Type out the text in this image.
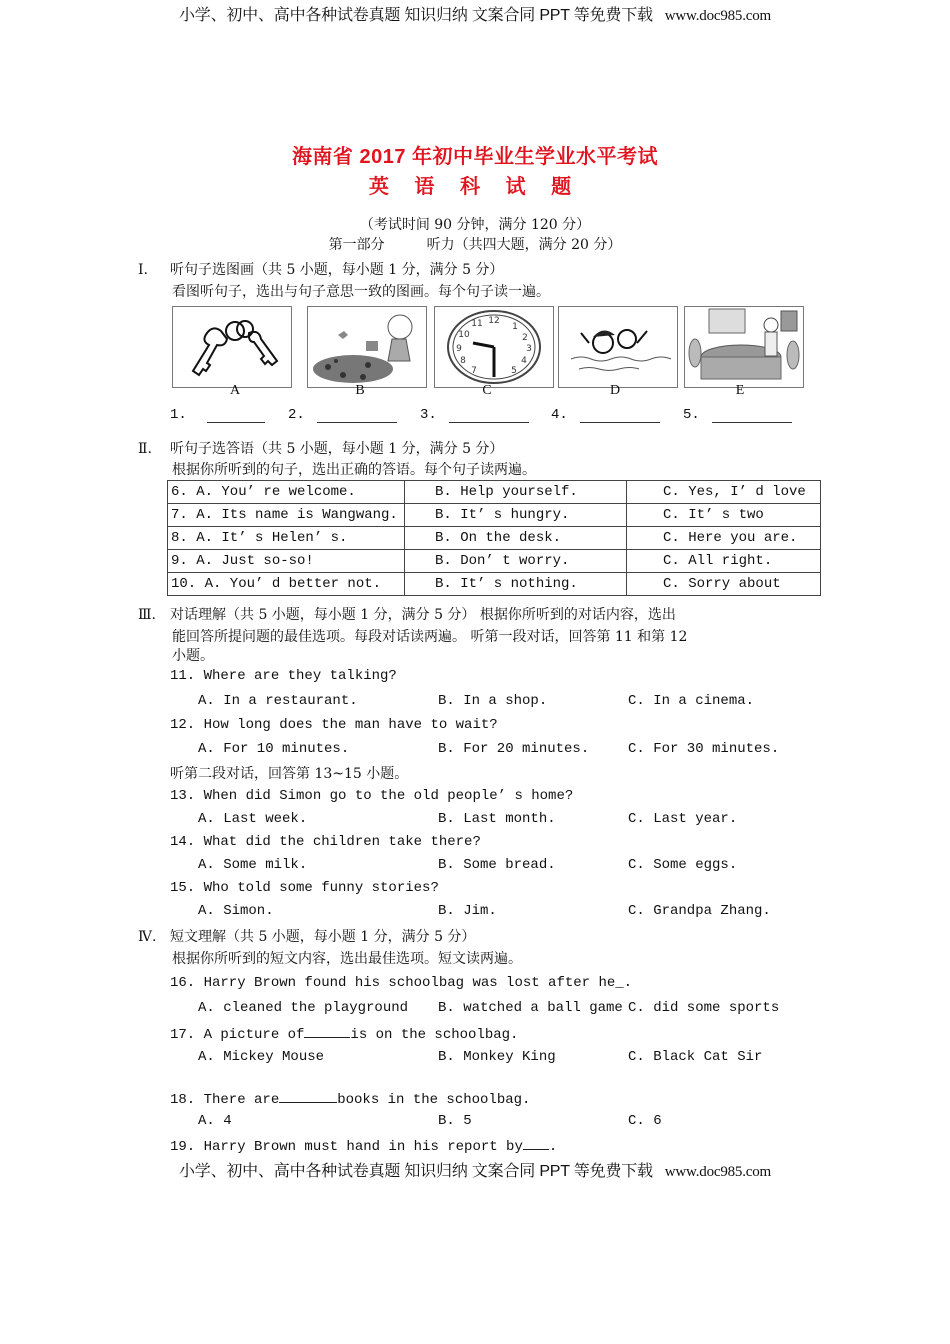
小学、初中、高中各种试卷真题 知识归纳 文案合同 PPT 等免费下载 www.doc985.com
海南省 2017 年初中毕业生学业水平考试
英 语 科 试 题
（考试时间 90 分钟，满分 120 分）
第一部分	听力（共四大题，满分 20 分）
Ⅰ. 听句子选图画（共 5 小题，每小题 1 分，满分 5 分）
看图听句子，选出与句子意思一致的图画。每个句子读一遍。
12
1
2
3
4
5
7
8
9
10
11
A	B	C	D	E
1.	2.	3.	4.	5.
Ⅱ. 听句子选答语（共 5 小题，每小题 1 分，满分 5 分）
根据你所听到的句子，选出正确的答语。每个句子读两遍。
6. A. You’ re welcome.	B. Help yourself.	C. Yes, I’ d love
7. A. Its name is Wangwang.	B. It’ s hungry.	C. It’ s two
8. A. It’ s Helen’ s.	B. On the desk.	C. Here you are.
9. A. Just so-so!	B. Don’ t worry.	C. All right.
10. A. You’ d better not.	B. It’ s nothing.	C. Sorry about
Ⅲ. 对话理解（共 5 小题，每小题 1 分，满分 5 分） 根据你所听到的对话内容，选出
能回答所提问题的最佳选项。每段对话读两遍。 听第一段对话，回答第 11 和第 12
小题。
11. Where are they talking?
A. In a restaurant.	B. In a shop.	C. In a cinema.
12. How long does the man have to wait?
A. For 10 minutes.	B. For 20 minutes.	C. For 30 minutes.
听第二段对话，回答第 13~15 小题。
13. When did Simon go to the old people’ s home?
A. Last week.	B. Last month.	C. Last year.
14. What did the children take there?
A. Some milk.	B. Some bread.	C. Some eggs.
15. Who told some funny stories?
A. Simon.	B. Jim.	C. Grandpa Zhang.
Ⅳ. 短文理解（共 5 小题，每小题 1 分，满分 5 分）
根据你所听到的短文内容，选出最佳选项。短文读两遍。
16. Harry Brown found his schoolbag was lost after he_.
A. cleaned the playground B. watched a ball game C. did some sports
17. A picture of	is on the schoolbag.
A. Mickey Mouse	B. Monkey King	C. Black Cat Sir
18. There are	books in the schoolbag.
A. 4	B. 5	C. 6
19. Harry Brown must hand in his report by .
小学、初中、高中各种试卷真题 知识归纳 文案合同 PPT 等免费下载 www.doc985.com
